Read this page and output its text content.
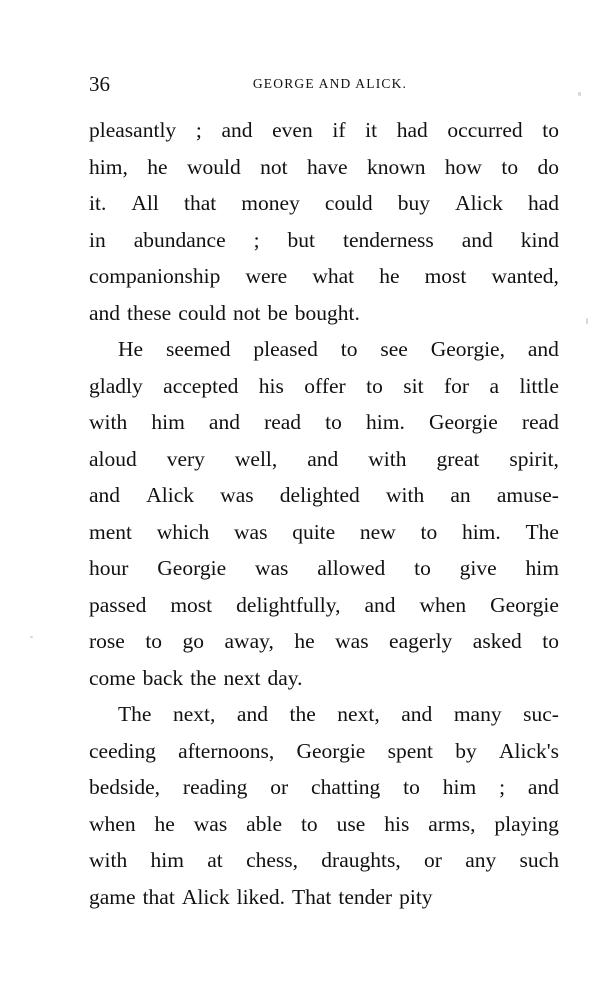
36	GEORGE AND ALICK.
pleasantly ; and even if it had occurred to
him, he would not have known how to do
it. All that money could buy Alick had
in abundance ; but tenderness and kind
companionship were what he most wanted,
and these could not be bought.
He seemed pleased to see Georgie, and
gladly accepted his offer to sit for a little
with him and read to him. Georgie read
aloud very well, and with great spirit,
and Alick was delighted with an amuse-
ment which was quite new to him. The
hour Georgie was allowed to give him
passed most delightfully, and when Georgie
rose to go away, he was eagerly asked to
come back the next day.
The next, and the next, and many suc-
ceeding afternoons, Georgie spent by Alick's
bedside, reading or chatting to him ; and
when he was able to use his arms, playing
with him at chess, draughts, or any such
game that Alick liked. That tender pity
